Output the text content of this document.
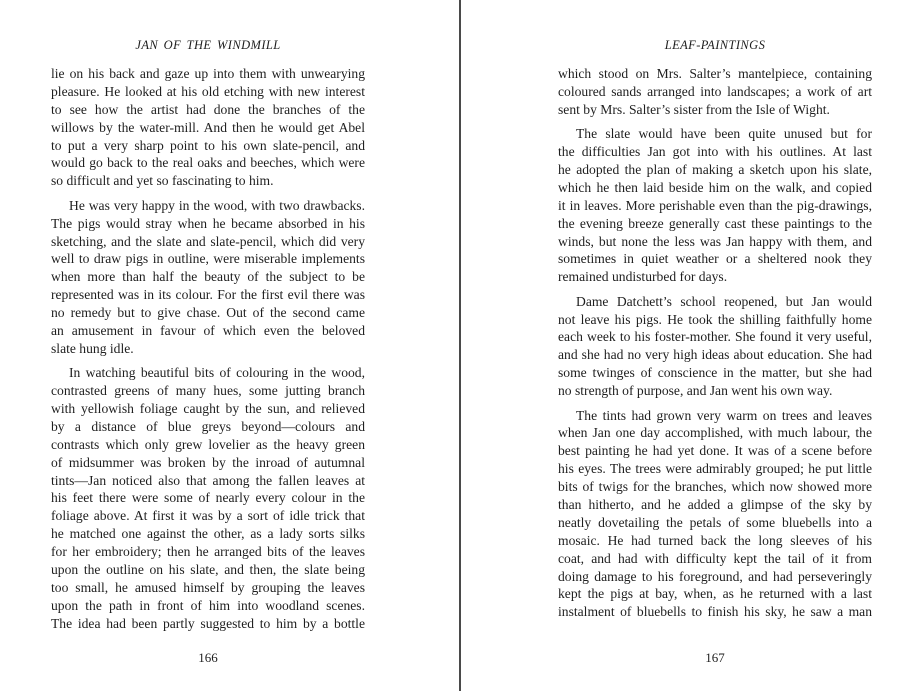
JAN OF THE WINDMILL
lie on his back and gaze up into them with unwearying
pleasure. He looked at his old etching with new interest
to see how the artist had done the branches of the
willows by the water-mill. And then he would get Abel
to put a very sharp point to his own slate-pencil, and
would go back to the real oaks and beeches, which were
so difficult and yet so fascinating to him.
He was very happy in the wood, with two drawbacks.
The pigs would stray when he became absorbed in his
sketching, and the slate and slate-pencil, which did very
well to draw pigs in outline, were miserable implements
when more than half the beauty of the subject to be
represented was in its colour. For the first evil there was
no remedy but to give chase. Out of the second came
an amusement in favour of which even the beloved
slate hung idle.
In watching beautiful bits of colouring in the wood,
contrasted greens of many hues, some jutting branch
with yellowish foliage caught by the sun, and relieved
by a distance of blue greys beyond—colours and
contrasts which only grew lovelier as the heavy green
of midsummer was broken by the inroad of autumnal
tints—Jan noticed also that among the fallen leaves at
his feet there were some of nearly every colour in the
foliage above. At first it was by a sort of idle trick that
he matched one against the other, as a lady sorts silks
for her embroidery; then he arranged bits of the leaves
upon the outline on his slate, and then, the slate being
too small, he amused himself by grouping the leaves
upon the path in front of him into woodland scenes.
The idea had been partly suggested to him by a bottle
166
LEAF-PAINTINGS
which stood on Mrs. Salter’s mantelpiece, containing
coloured sands arranged into landscapes; a work of art
sent by Mrs. Salter’s sister from the Isle of Wight.
The slate would have been quite unused but for
the difficulties Jan got into with his outlines. At last
he adopted the plan of making a sketch upon his slate,
which he then laid beside him on the walk, and copied
it in leaves. More perishable even than the pig-drawings,
the evening breeze generally cast these paintings to the
winds, but none the less was Jan happy with them, and
sometimes in quiet weather or a sheltered nook they
remained undisturbed for days.
Dame Datchett’s school reopened, but Jan would
not leave his pigs. He took the shilling faithfully home
each week to his foster-mother. She found it very useful,
and she had no very high ideas about education. She had
some twinges of conscience in the matter, but she had
no strength of purpose, and Jan went his own way.
The tints had grown very warm on trees and leaves
when Jan one day accomplished, with much labour, the
best painting he had yet done. It was of a scene before
his eyes. The trees were admirably grouped; he put little
bits of twigs for the branches, which now showed more
than hitherto, and he added a glimpse of the sky by
neatly dovetailing the petals of some bluebells into a
mosaic. He had turned back the long sleeves of his
coat, and had with difficulty kept the tail of it from
doing damage to his foreground, and had perseveringly
kept the pigs at bay, when, as he returned with a last
instalment of bluebells to finish his sky, he saw a man
167
